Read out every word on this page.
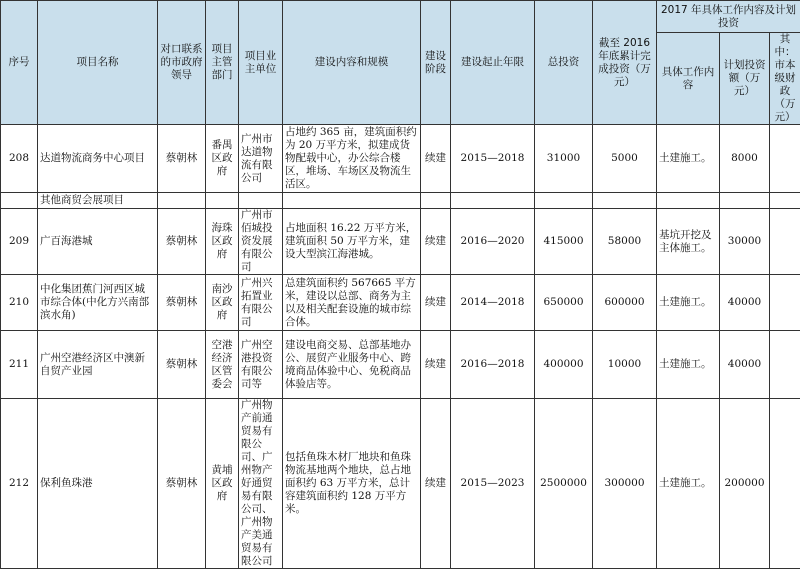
序号	项目名称	对口联系的市政府领导	项目主管部门	项目业主单位	建设内容和规模	建设阶段	建设起止年限	总投资	截至 2016 年底累计完成投资（万元）	2017 年具体工作内容及计划投资		
										具体工作内容	计划投资额（万元）	其中：市本级财政（万元）
208	达道物流商务中心项目	蔡朝林	番禺区政府	广州市达道物流有限公司	占地约 365 亩，建筑面积约为 20 万平方米，拟建成货物配载中心，办公综合楼区，堆场、车场区及物流生活区。	续建	2015—2018	31000	5000	土建施工。	8000	
	其他商贸会展项目											
209	广百海港城	蔡朝林	海珠区政府	广州市佰城投资发展有限公司	占地面积 16.22 万平方米，建筑面积 50 万平方米，建设大型滨江海港城。	续建	2016—2020	415000	58000	基坑开挖及主体施工。	30000	
210	中化集团蕉门河西区城市综合体(中化方兴南部滨水角)	蔡朝林	南沙区政府	广州兴拓置业有限公司	总建筑面积约 567665 平方米，建设以总部、商务为主以及相关配套设施的城市综合体。	续建	2014—2018	650000	600000	土建施工。	40000	
211	广州空港经济区中澳新自贸产业园	蔡朝林	空港经济区管委会	广州空港投资有限公司等	建设电商交易、总部基地办公、展贸产业服务中心、跨境商品体验中心、免税商品体验店等。	续建	2016—2018	400000	10000	土建施工。	40000	
212	保利鱼珠港	蔡朝林	黄埔区政府	广州物产前通贸易有限公司、广州物产好通贸易有限公司、广州物产美通贸易有限公司	包括鱼珠木材厂地块和鱼珠物流基地两个地块，总占地面积约 63 万平方米，总计容建筑面积约 128 万平方米。	续建	2015—2023	2500000	300000	土建施工。	200000	
